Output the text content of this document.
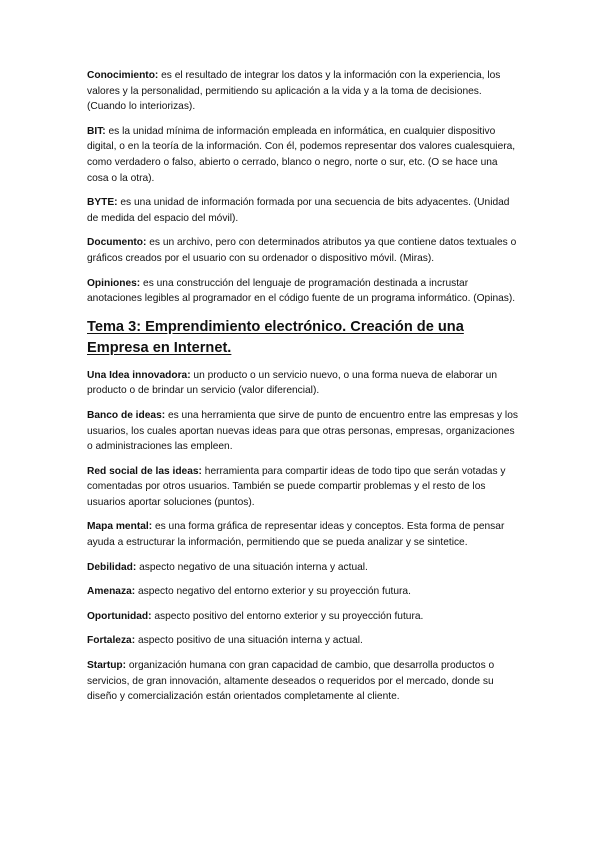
Conocimiento: es el resultado de integrar los datos y la información con la experiencia, los valores y la personalidad, permitiendo su aplicación a la vida y a la toma de decisiones. (Cuando lo interiorizas).

BIT: es la unidad mínima de información empleada en informática, en cualquier dispositivo digital, o en la teoría de la información. Con él, podemos representar dos valores cualesquiera, como verdadero o falso, abierto o cerrado, blanco o negro, norte o sur, etc. (O se hace una cosa o la otra).

BYTE: es una unidad de información formada por una secuencia de bits adyacentes. (Unidad de medida del espacio del móvil).

Documento: es un archivo, pero con determinados atributos ya que contiene datos textuales o gráficos creados por el usuario con su ordenador o dispositivo móvil. (Miras).

Opiniones: es una construcción del lenguaje de programación destinada a incrustar anotaciones legibles al programador en el código fuente de un programa informático. (Opinas).

Tema 3: Emprendimiento electrónico. Creación de una Empresa en Internet.

Una Idea innovadora: un producto o un servicio nuevo, o una forma nueva de elaborar un producto o de brindar un servicio (valor diferencial).

Banco de ideas: es una herramienta que sirve de punto de encuentro entre las empresas y los usuarios, los cuales aportan nuevas ideas para que otras personas, empresas, organizaciones o administraciones las empleen.

Red social de las ideas: herramienta para compartir ideas de todo tipo que serán votadas y comentadas por otros usuarios. También se puede compartir problemas y el resto de los usuarios aportar soluciones (puntos).

Mapa mental: es una forma gráfica de representar ideas y conceptos. Esta forma de pensar ayuda a estructurar la información, permitiendo que se pueda analizar y se sintetice.

Debilidad: aspecto negativo de una situación interna y actual.

Amenaza: aspecto negativo del entorno exterior y su proyección futura.

Oportunidad: aspecto positivo del entorno exterior y su proyección futura.

Fortaleza: aspecto positivo de una situación interna y actual.

Startup: organización humana con gran capacidad de cambio, que desarrolla productos o servicios, de gran innovación, altamente deseados o requeridos por el mercado, donde su diseño y comercialización están orientados completamente al cliente.
